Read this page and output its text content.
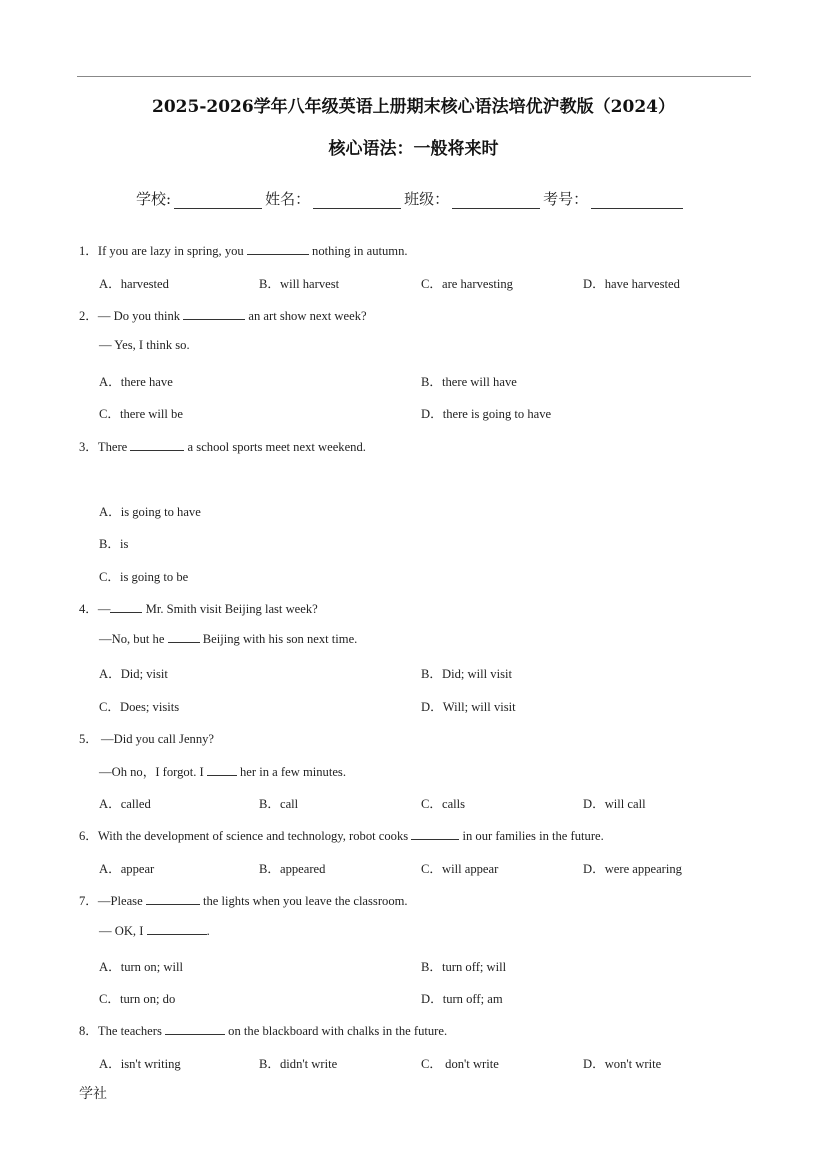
2025-2026学年八年级英语上册期末核心语法培优沪教版（2024）
核心语法：一般将来时
学校:	姓名：	班级：	考号：
1．If you are lazy in spring, you	nothing in autumn.
A．harvested	B．will harvest	C．are harvesting	D．have harvested
2．— Do you think	an art show next week?
— Yes, I think so.
A．there have	B．there will have
C．there will be	D．there is going to have
3．There	a school sports meet next weekend.
A．is going to have
B．is
C．is going to be
4．—	Mr. Smith visit Beijing last week?
—No, but he	Beijing with his son next time.
A．Did; visit	B．Did; will visit
C．Does; visits	D．Will; will visit
5． —Did you call Jenny?
—Oh no，I forgot. I  her in a few minutes.
A．called	B．call	C．calls	D．will call
6．With the development of science and technology, robot cooks	in our families in the future.
A．appear	B．appeared	C．will appear	D．were appearing
7．—Please	the lights when you leave the classroom.
— OK, I	.
A．turn on; will	B．turn off; will
C．turn on; do	D．turn off; am
8．The teachers	on the blackboard with chalks in the future.
A．isn't writing	B．didn't write	C． don't write	D．won't write
学社
